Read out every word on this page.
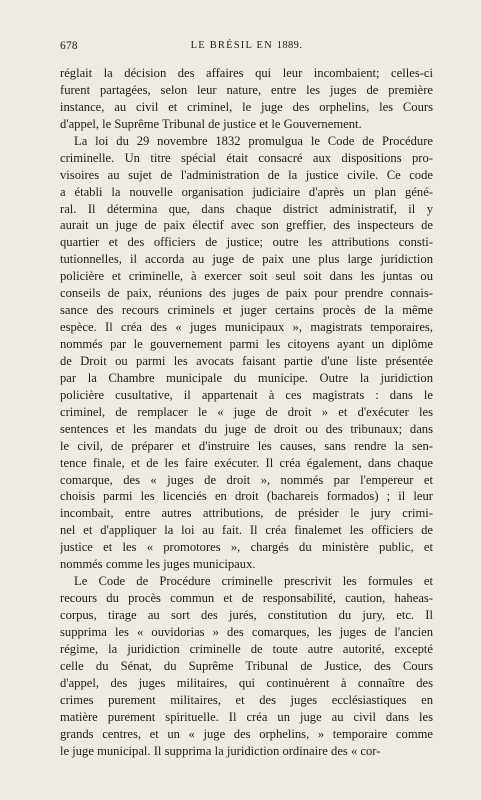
678	LE BRÉSIL EN 1889.
réglait la décision des affaires qui leur incombaient; celles-ci
furent partagées, selon leur nature, entre les juges de première
instance, au civil et criminel, le juge des orphelins, les Cours
d'appel, le Suprême Tribunal de justice et le Gouvernement.
La loi du 29 novembre 1832 promulgua le Code de Procédure
criminelle. Un titre spécial était consacré aux dispositions pro-
visoires au sujet de l'administration de la justice civile. Ce code
a établi la nouvelle organisation judiciaire d'après un plan géné-
ral. Il détermina que, dans chaque district administratif, il y
aurait un juge de paix électif avec son greffier, des inspecteurs de
quartier et des officiers de justice; outre les attributions consti-
tutionnelles, il accorda au juge de paix une plus large juridiction
policière et criminelle, à exercer soit seul soit dans les juntas ou
conseils de paix, réunions des juges de paix pour prendre connais-
sance des recours criminels et juger certains procès de la même
espèce. Il créa des « juges municipaux », magistrats temporaires,
nommés par le gouvernement parmi les citoyens ayant un diplôme
de Droit ou parmi les avocats faisant partie d'une liste présentée
par la Chambre municipale du municipe. Outre la juridiction
policière cusultative, il appartenait à ces magistrats : dans le
criminel, de remplacer le « juge de droit » et d'exécuter les
sentences et les mandats du juge de droit ou des tribunaux; dans
le civil, de préparer et d'instruire les causes, sans rendre la sen-
tence finale, et de les faire exécuter. Il créa également, dans chaque
comarque, des « juges de droit », nommés par l'empereur et
choisis parmi les licenciés en droit (bachareis formados) ; il leur
incombait, entre autres attributions, de présider le jury crimi-
nel et d'appliquer la loi au fait. Il créa finalemet les officiers de
justice et les « promotores », chargés du ministère public, et
nommés comme les juges municipaux.
Le Code de Procédure criminelle prescrivit les formules et
recours du procès commun et de responsabilité, caution, haheas-
corpus, tirage au sort des jurés, constitution du jury, etc. Il
supprima les « ouvidorias » des comarques, les juges de l'ancien
régime, la juridiction criminelle de toute autre autorité, excepté
celle du Sénat, du Suprême Tribunal de Justice, des Cours
d'appel, des juges militaires, qui continuèrent à connaître des
crimes purement militaires, et des juges ecclésiastiques en
matière purement spirituelle. Il créa un juge au civil dans les
grands centres, et un « juge des orphelins, » temporaire comme
le juge municipal. Il supprima la juridiction ordinaire des « cor-
